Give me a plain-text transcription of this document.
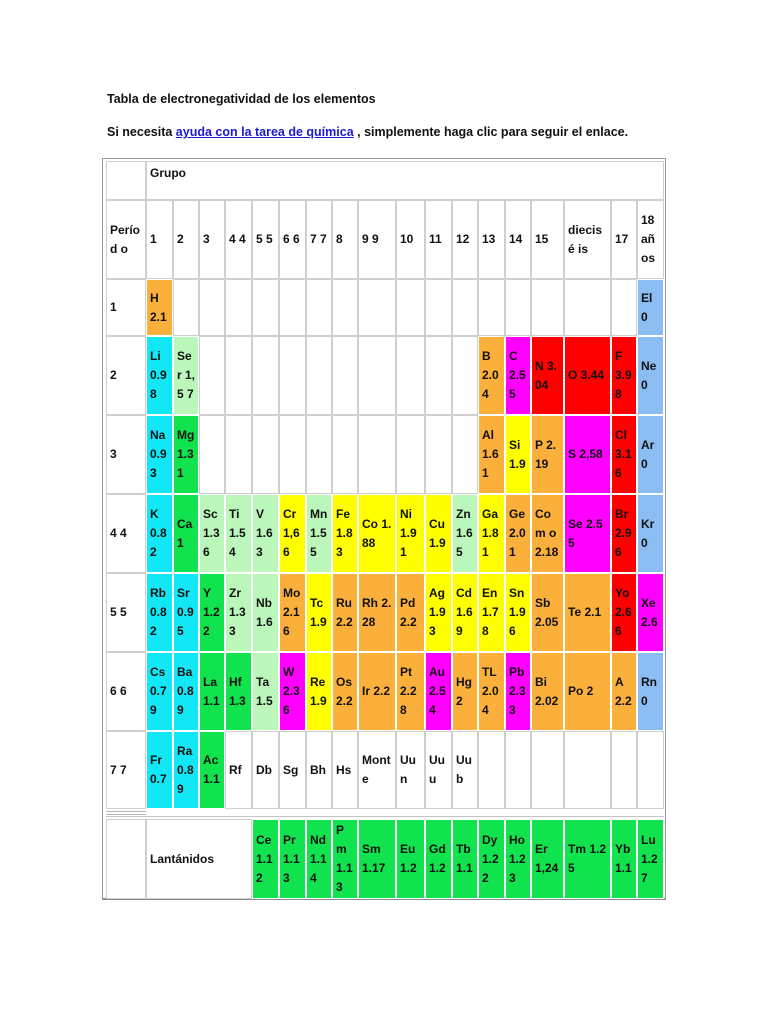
Tabla de electronegatividad de los elementos
Si necesita ayuda con la tarea de química , simplemente haga clic para seguir el enlace.
Grupo
Períod o
1 2 3 4 4 5 5 6 6 7 7 8 9 9 10 11 12 13 14 15
diecisé is
17
18 años
1
H 2.1
El 0
2
Li 0.9 8
Ser 1,5 7
B 2.0 4
C 2.5 5
N 3.04
O 3.44
F 3.9 8
Ne 0
3
Na 0.9 3
Mg 1.3 1
Al 1.6 1
Si 1.9
P 2.19
S 2,58
Cl 3.1 6
Ar 0
4 4
K 0.8 2
Ca 1
Sc 1.3 6
Ti 1.5 4
V 1.6 3
Cr 1,6 6
Mn 1.5 5
Fe 1.8 3
Co 1.88
Ni 1.9 1
Cu 1.9
Zn 1.6 5
Ga 1.8 1
Ge 2.0 1
Com o 2.18
Se 2.55
Br 2.9 6
Kr 0
5 5
Rb 0.8 2
Sr 0.9 5
Y 1.2 2
Zr 1.3 3
Nb 1.6
Mo 2.1 6
Tc 1.9
Ru 2.2
Rh 2.28
Pd 2.2
Ag 1.9 3
Cd 1.6 9
En 1.7 8
Sn 1.9 6
Sb 2.05
Te 2.1
Yo 2.6 6
Xe 2.6
6 6
Cs 0.7 9
Ba 0.8 9
La 1.1
Hf 1.3
Ta 1.5
W 2.3 6
Re 1.9
Os 2.2
Ir 2.2
Pt 2.2 8
Au 2.5 4
Hg 2
TL 2.0 4
Pb 2.3 3
Bi 2.02
Po 2
A 2.2
Rn 0
7 7
Fr 0.7
Ra 0.8 9
Ac 1.1
Rf Db Sg Bh Hs
Mont e
Uun
Uu u
Uu b
Lantánidos
Ce 1.1 2
Pr 1.1 3
Nd 1.1 4
Pm 1.1 3
Sm 1.17
Eu 1.2
Gd 1.2
Tb 1.1
Dy 1.2 2
Ho 1.2 3
Er 1,24
Tm 1.25
Yb 1.1
Lu 1.2 7
